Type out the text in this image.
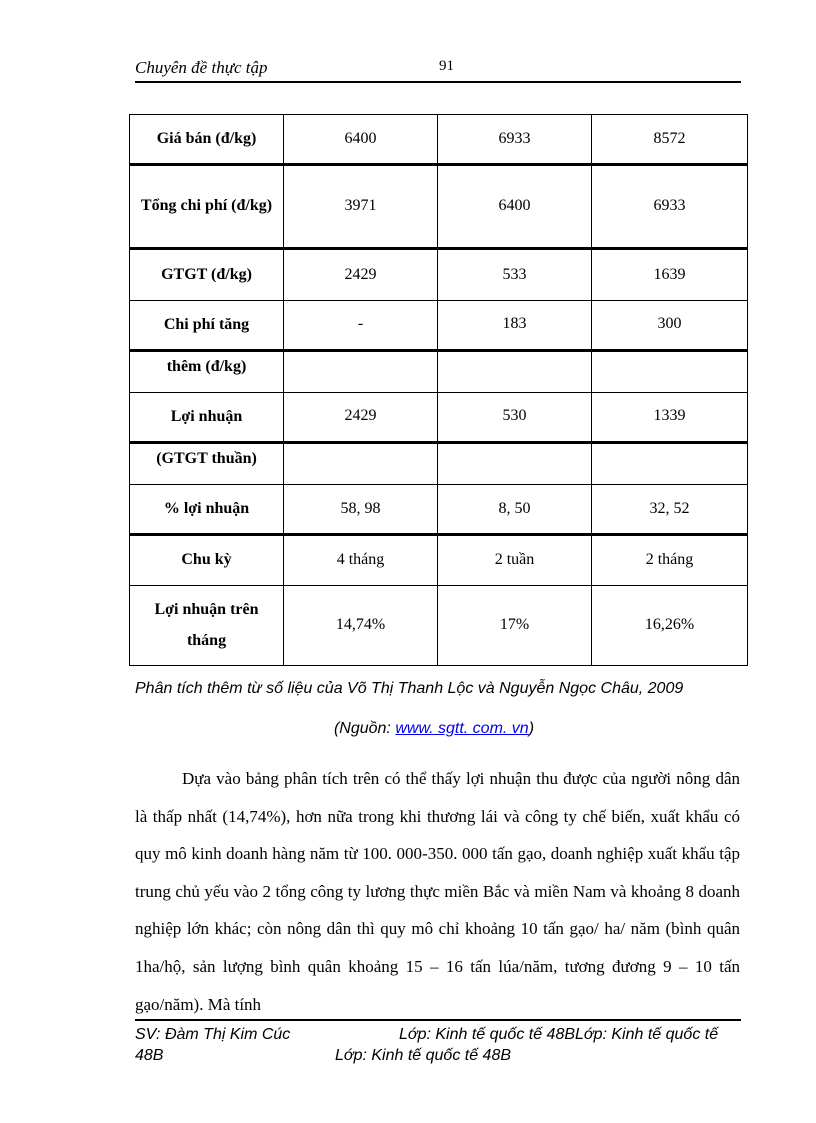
Chuyên đề thực tập	91
Giá bán (đ/kg)	6400	6933	8572
Tổng chi phí (đ/kg)	3971	6400	6933
GTGT (đ/kg)	2429	533	1639
Chi phí tăng	-	183	300
thêm (đ/kg)			
Lợi nhuận	2429	530	1339
(GTGT thuần)			
% lợi nhuận	58, 98	8, 50	32, 52
Chu kỳ	4 tháng	2 tuần	2 tháng
Lợi nhuận trên tháng	14,74%	17%	16,26%
Phân tích thêm từ số liệu của Võ Thị Thanh Lộc và Nguyễn Ngọc Châu, 2009
(Nguồn: www. sgtt. com. vn)
Dựa vào bảng phân tích trên có thể thấy lợi nhuận thu được của người nông dân là thấp nhất (14,74%), hơn nữa trong khi thương lái và công ty chế biến, xuất khẩu có quy mô kinh doanh hàng năm từ 100. 000-350. 000 tấn gạo, doanh nghiệp xuất khẩu tập trung chủ yếu vào 2 tổng công ty lương thực miền Bắc và miền Nam và khoảng 8 doanh nghiệp lớn khác; còn nông dân thì quy mô chỉ khoảng 10 tấn gạo/ ha/ năm (bình quân 1ha/hộ, sản lượng bình quân khoảng 15 – 16 tấn lúa/năm, tương đương 9 – 10 tấn gạo/năm). Mà tính
SV: Đàm Thị Kim Cúc	Lớp: Kinh tế quốc tế 48BLớp: Kinh tế quốc tế
48B	Lớp: Kinh tế quốc tế 48B
